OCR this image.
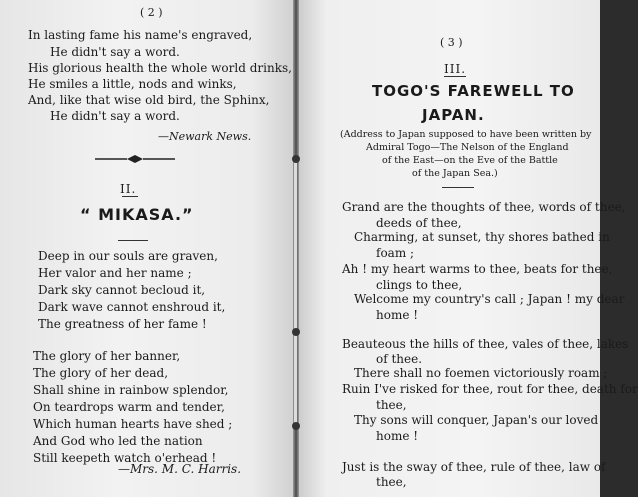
( 2 )
In lasting fame his name's engraved,
He didn't say a word.
His glorious health the whole world drinks,
He smiles a little, nods and winks,
And, like that wise old bird, the Sphinx,
He didn't say a word.
—Newark News.
II.
“ MIKASA.”
Deep in our souls are graven,
Her valor and her name ;
Dark sky cannot becloud it,
Dark wave cannot enshroud it,
The greatness of her fame !
The glory of her banner,
The glory of her dead,
Shall shine in rainbow splendor,
On teardrops warm and tender,
Which human hearts have shed ;
And God who led the nation
Still keepeth watch o'erhead !
—Mrs. M. C. Harris.
( 3 )
III.
TOGO'S FAREWELL TO
JAPAN.
(Address to Japan supposed to have been written by
Admiral Togo—The Nelson of the England
of the East—on the Eve of the Battle
of the Japan Sea.)
Grand are the thoughts of thee, words of thee,
deeds of thee,
Charming, at sunset, thy shores bathed in
foam ;
Ah ! my heart warms to thee, beats for thee,
clings to thee,
Welcome my country's call ; Japan ! my dear
home !
Beauteous the hills of thee, vales of thee, lakes
of thee.
There shall no foemen victoriously roam ;
Ruin I've risked for thee, rout for thee, death for
thee,
Thy sons will conquer, Japan's our loved
home !
Just is the sway of thee, rule of thee, law of
thee,
